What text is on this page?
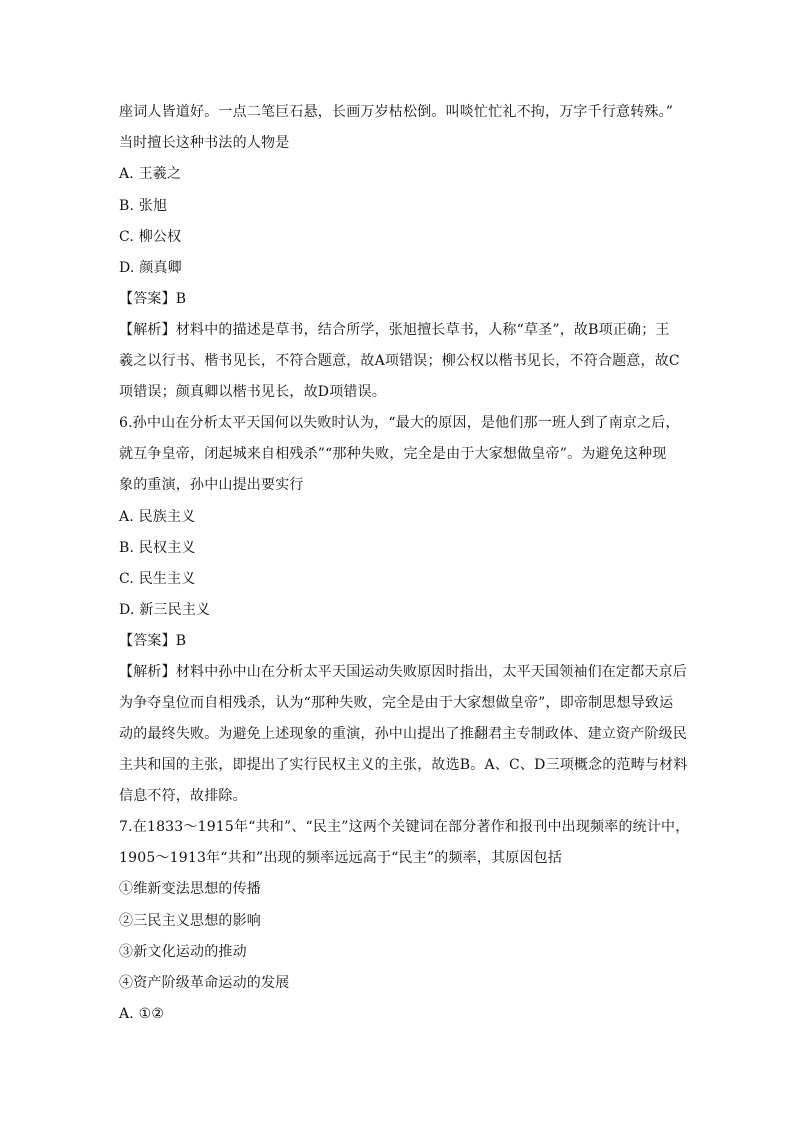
座词人皆道好。一点二笔巨石悬，长画万岁枯松倒。叫啖忙忙礼不拘，万字千行意转殊。”
当时擅长这种书法的人物是
A. 王羲之
B. 张旭
C. 柳公权
D. 颜真卿
【答案】B
【解析】材料中的描述是草书，结合所学，张旭擅长草书，人称“草圣”，故B项正确；王
羲之以行书、楷书见长，不符合题意，故A项错误；柳公权以楷书见长，不符合题意，故C
项错误；颜真卿以楷书见长，故D项错误。
6.孙中山在分析太平天国何以失败时认为，“最大的原因，是他们那一班人到了南京之后，
就互争皇帝，闭起城来自相残杀”“那种失败，完全是由于大家想做皇帝”。为避免这种现
象的重演，孙中山提出要实行
A. 民族主义
B. 民权主义
C. 民生主义
D. 新三民主义
【答案】B
【解析】材料中孙中山在分析太平天国运动失败原因时指出，太平天国领袖们在定都天京后
为争夺皇位而自相残杀，认为“那种失败，完全是由于大家想做皇帝”，即帝制思想导致运
动的最终失败。为避免上述现象的重演，孙中山提出了推翻君主专制政体、建立资产阶级民
主共和国的主张，即提出了实行民权主义的主张，故选B。A、C、D三项概念的范畴与材料
信息不符，故排除。
7.在1833～1915年“共和”、“民主”这两个关键词在部分著作和报刊中出现频率的统计中，
1905～1913年“共和”出现的频率远远高于“民主”的频率，其原因包括
①维新变法思想的传播
②三民主义思想的影响
③新文化运动的推动
④资产阶级革命运动的发展
A. ①②
